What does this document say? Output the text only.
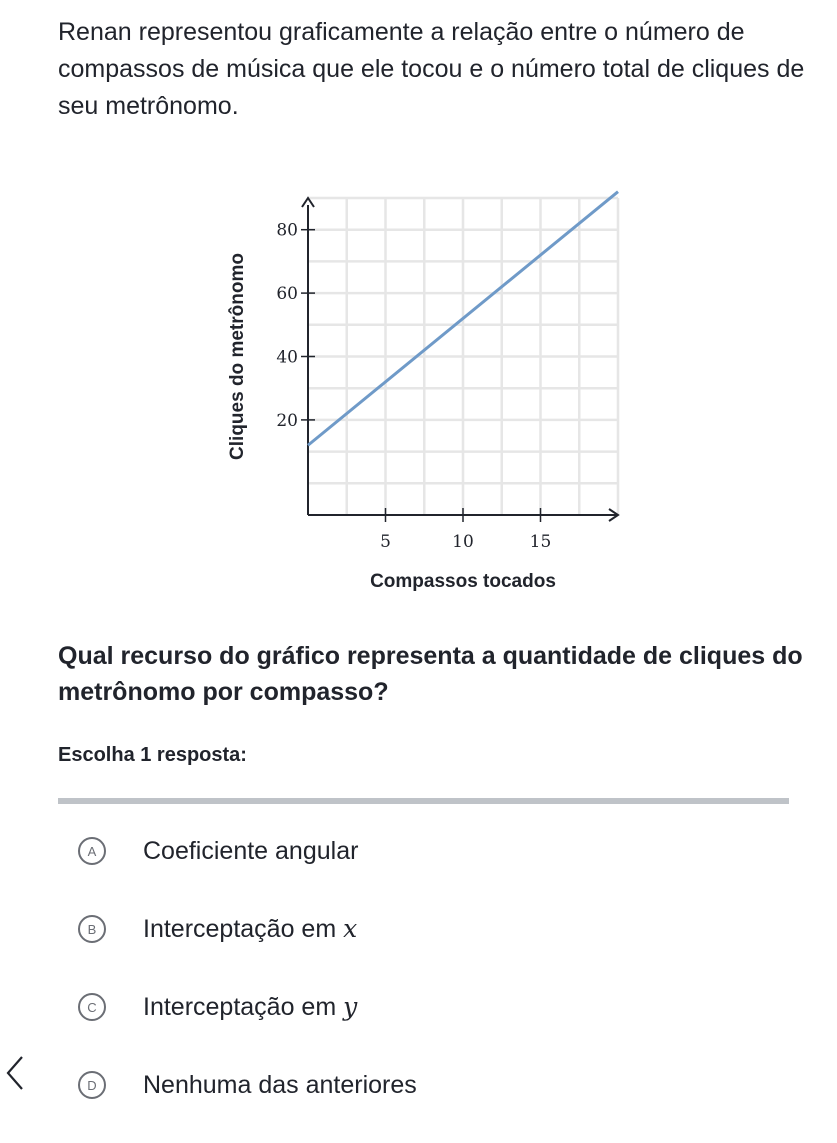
Renan representou graficamente a relação entre o número de compassos de música que ele tocou e o número total de cliques de seu metrônomo.

5	10	15
20
40
60
80
Compassos tocados
Cliques do metrônomo

Qual recurso do gráfico representa a quantidade de cliques do metrônomo por compasso?

Escolha 1 resposta:
A	Coeficiente angular
B	Interceptação em x
C	Interceptação em y
D	Nenhuma das anteriores
